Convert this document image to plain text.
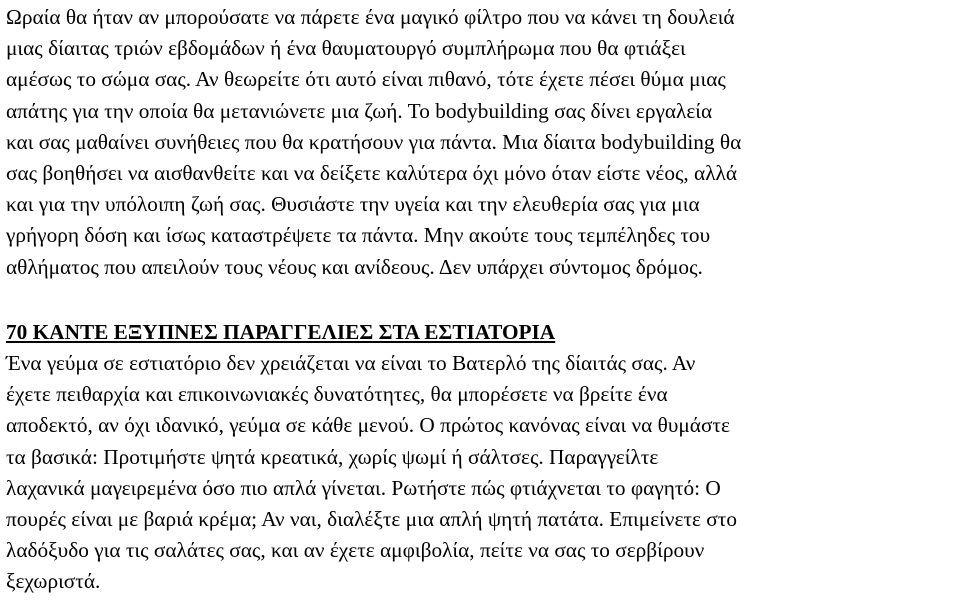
Ωραία θα ήταν αν μπορούσατε να πάρετε ένα μαγικό φίλτρο που να κάνει τη δουλειά
μιας δίαιτας τριών εβδομάδων ή ένα θαυματουργό συμπλήρωμα που θα φτιάξει
αμέσως το σώμα σας. Αν θεωρείτε ότι αυτό είναι πιθανό, τότε έχετε πέσει θύμα μιας
απάτης για την οποία θα μετανιώνετε μια ζωή. Το bodybuilding σας δίνει εργαλεία
και σας μαθαίνει συνήθειες που θα κρατήσουν για πάντα. Μια δίαιτα bodybuilding θα
σας βοηθήσει να αισθανθείτε και να δείξετε καλύτερα όχι μόνο όταν είστε νέος, αλλά
και για την υπόλοιπη ζωή σας. Θυσιάστε την υγεία και την ελευθερία σας για μια
γρήγορη δόση και ίσως καταστρέψετε τα πάντα. Μην ακούτε τους τεμπέληδες του
αθλήματος που απειλούν τους νέους και ανίδεους. Δεν υπάρχει σύντομος δρόμος.

70 ΚΑΝΤΕ ΕΞΥΠΝΕΣ ΠΑΡΑΓΓΕΛΙΕΣ ΣΤΑ ΕΣΤΙΑΤΟΡΙΑ

Ένα γεύμα σε εστιατόριο δεν χρειάζεται να είναι το Βατερλό της δίαιτάς σας. Αν
έχετε πειθαρχία και επικοινωνιακές δυνατότητες, θα μπορέσετε να βρείτε ένα
αποδεκτό, αν όχι ιδανικό, γεύμα σε κάθε μενού. Ο πρώτος κανόνας είναι να θυμάστε
τα βασικά: Προτιμήστε ψητά κρεατικά, χωρίς ψωμί ή σάλτσες. Παραγγείλτε
λαχανικά μαγειρεμένα όσο πιο απλά γίνεται. Ρωτήστε πώς φτιάχνεται το φαγητό: Ο
πουρές είναι με βαριά κρέμα; Αν ναι, διαλέξτε μια απλή ψητή πατάτα. Επιμείνετε στο
λαδόξυδο για τις σαλάτες σας, και αν έχετε αμφιβολία, πείτε να σας το σερβίρουν
ξεχωριστά.
